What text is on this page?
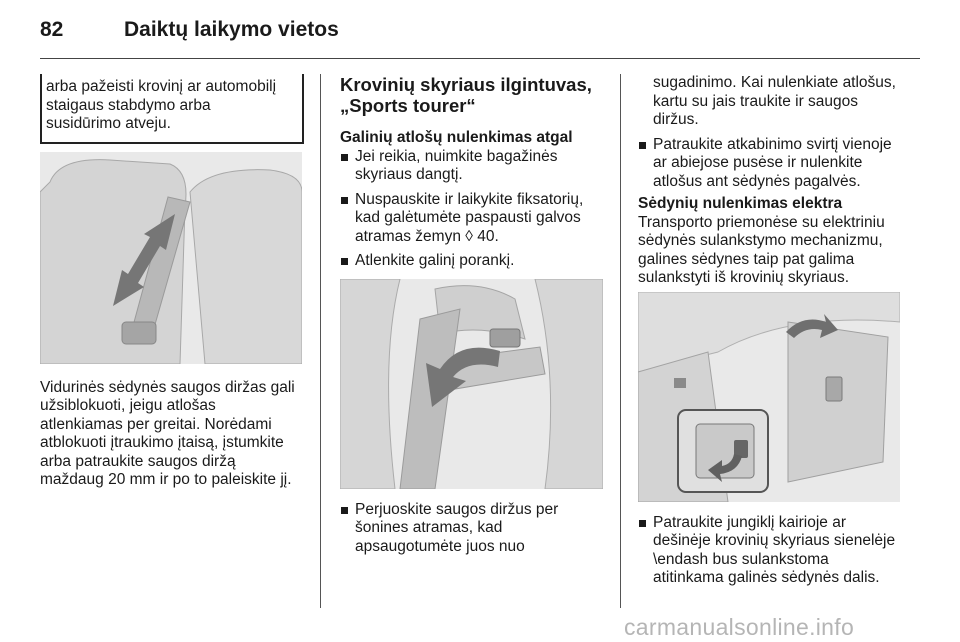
82	Daiktų laikymo vietos

arba pažeisti krovinį ar automobilį

staigaus stabdymo arba

susidūrimo atveju.

Vidurinės sėdynės saugos diržas gali

užsiblokuoti, jeigu atlošas

atlenkiamas per greitai. Norėdami

atblokuoti įtraukimo įtaisą, įstumkite

arba patraukite saugos diržą

maždaug 20 mm ir po to paleiskite jį.

Krovinių skyriaus ilgintuvas,

„Sports tourer“

Galinių atlošų nulenkimas atgal

Jei reikia, nuimkite bagažinės
skyriaus dangtį.
Nuspauskite ir laikykite fiksatorių,
kad galėtumėte paspausti galvos
atramas žemyn ◊ 40.
Atlenkite galinį porankį.
Perjuoskite saugos diržus per
šonines atramas, kad
apsaugotumėte juos nuo

sugadinimo. Kai nulenkiate atlošus,

kartu su jais traukite ir saugos

diržus.

Patraukite atkabinimo svirtį vienoje
ar abiejose pusėse ir nulenkite
atlošus ant sėdynės pagalvės.

Sėdynių nulenkimas elektra

Transporto priemonėse su elektriniu

sėdynės sulankstymo mechanizmu,

galines sėdynes taip pat galima

sulankstyti iš krovinių skyriaus.

Patraukite jungiklį kairioje ar
dešinėje krovinių skyriaus sienelėje
\endash bus sulankstoma
atitinkama galinės sėdynės dalis.
carmanualsonline.info
